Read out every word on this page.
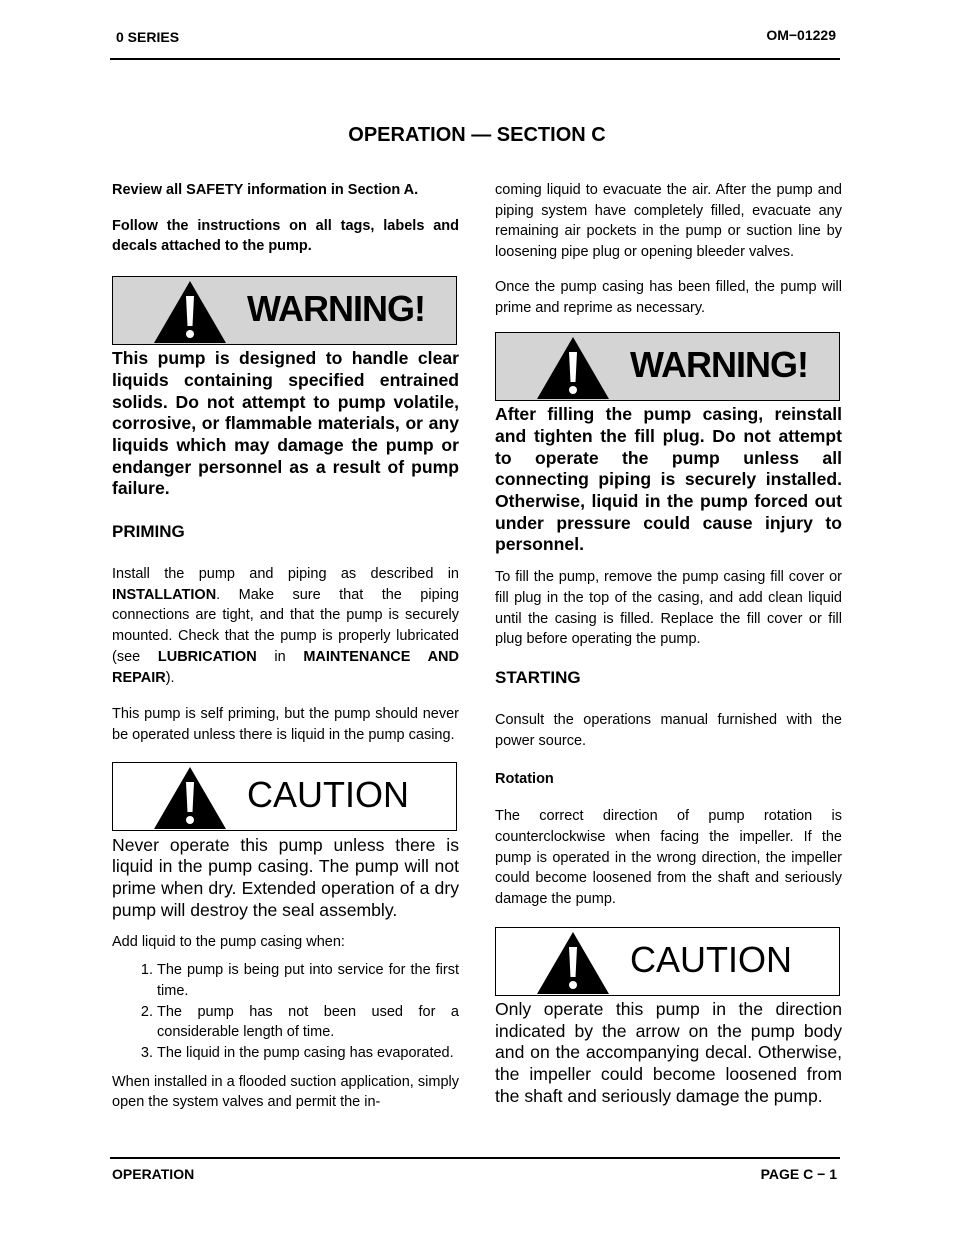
0 SERIES	OM−01229
OPERATION — SECTION C

Review all SAFETY information in Section A.

Follow the instructions on all tags, labels and decals attached to the pump.

WARNING!

This pump is designed to handle clear liquids containing specified entrained solids. Do not attempt to pump volatile, corrosive, or flammable materials, or any liquids which may damage the pump or endanger personnel as a result of pump failure.

PRIMING

Install the pump and piping as described in INSTALLATION. Make sure that the piping connections are tight, and that the pump is securely mounted. Check that the pump is properly lubricated (see LUBRICATION in MAINTENANCE AND REPAIR).

This pump is self priming, but the pump should never be operated unless there is liquid in the pump casing.

CAUTION

Never operate this pump unless there is liquid in the pump casing. The pump will not prime when dry. Extended operation of a dry pump will destroy the seal assembly.

Add liquid to the pump casing when:

1. The pump is being put into service for the first time.
2. The pump has not been used for a considerable length of time.
3. The liquid in the pump casing has evaporated.

When installed in a flooded suction application, simply open the system valves and permit the in-

coming liquid to evacuate the air. After the pump and piping system have completely filled, evacuate any remaining air pockets in the pump or suction line by loosening pipe plug or opening bleeder valves.

Once the pump casing has been filled, the pump will prime and reprime as necessary.

WARNING!

After filling the pump casing, reinstall and tighten the fill plug. Do not attempt to operate the pump unless all connecting piping is securely installed. Otherwise, liquid in the pump forced out under pressure could cause injury to personnel.

To fill the pump, remove the pump casing fill cover or fill plug in the top of the casing, and add clean liquid until the casing is filled. Replace the fill cover or fill plug before operating the pump.

STARTING

Consult the operations manual furnished with the power source.

Rotation

The correct direction of pump rotation is counterclockwise when facing the impeller. If the pump is operated in the wrong direction, the impeller could become loosened from the shaft and seriously damage the pump.

CAUTION

Only operate this pump in the direction indicated by the arrow on the pump body and on the accompanying decal. Otherwise, the impeller could become loosened from the shaft and seriously damage the pump.

OPERATION	PAGE C − 1
